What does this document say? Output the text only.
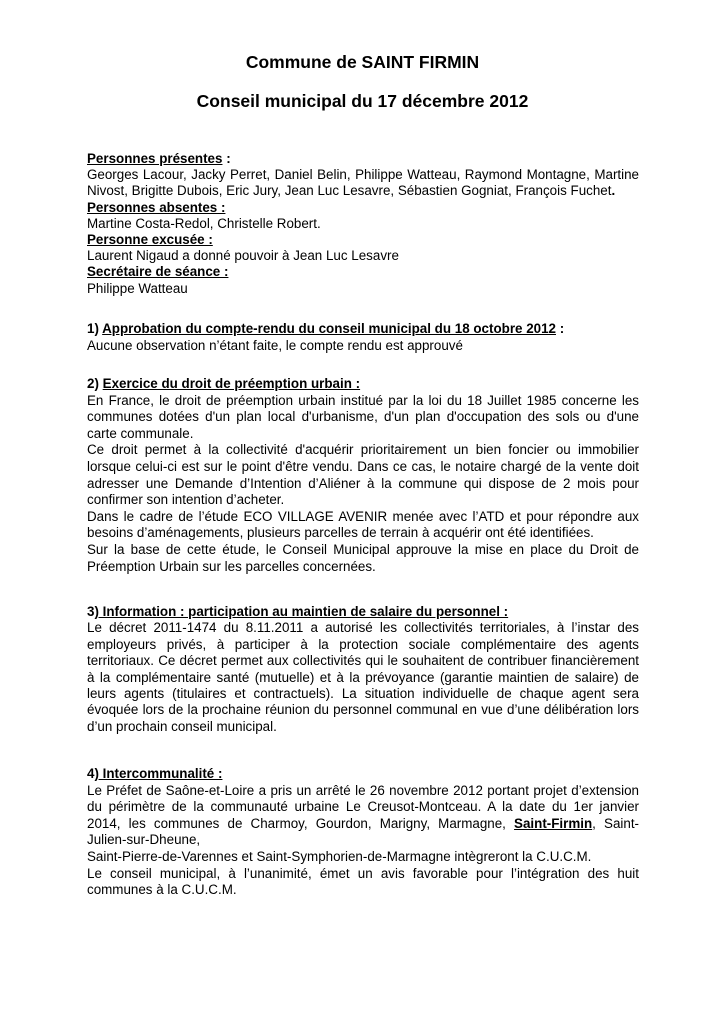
Commune de SAINT FIRMIN
Conseil municipal du 17 décembre 2012
Personnes présentes :
Georges Lacour, Jacky Perret, Daniel Belin, Philippe Watteau, Raymond Montagne, Martine
Nivost, Brigitte Dubois, Eric Jury, Jean Luc Lesavre, Sébastien Gogniat, François Fuchet.
Personnes absentes :
Martine Costa-Redol, Christelle Robert.
Personne excusée :
Laurent Nigaud a donné pouvoir à Jean Luc Lesavre
Secrétaire de séance :
Philippe Watteau
1) Approbation du compte-rendu du conseil municipal du 18 octobre 2012 :
Aucune observation n’étant faite, le compte rendu est approuvé
2) Exercice du droit de préemption urbain :
En France, le droit de préemption urbain institué par la loi du 18 Juillet 1985 concerne les
communes dotées d'un plan local d'urbanisme, d'un plan d'occupation des sols ou d'une
carte communale.
Ce droit permet à la collectivité d'acquérir prioritairement un bien foncier ou immobilier
lorsque celui-ci est sur le point d'être vendu. Dans ce cas, le notaire chargé de la vente doit
adresser une Demande d’Intention d’Aliéner à la commune qui dispose de 2 mois pour
confirmer son intention d’acheter.
Dans le cadre de l’étude ECO VILLAGE AVENIR menée avec l’ATD et pour répondre aux
besoins d’aménagements, plusieurs parcelles de terrain à acquérir ont été identifiées.
Sur la base de cette étude, le Conseil Municipal approuve la mise en place du Droit de
Préemption Urbain sur les parcelles concernées.
3) Information : participation au maintien de salaire du personnel :
Le décret 2011-1474 du 8.11.2011 a autorisé les collectivités territoriales, à l’instar des
employeurs privés, à participer à la protection sociale complémentaire des agents
territoriaux. Ce décret permet aux collectivités qui le souhaitent de contribuer financièrement
à la complémentaire santé (mutuelle) et à la prévoyance (garantie maintien de salaire) de
leurs agents (titulaires et contractuels). La situation individuelle de chaque agent sera
évoquée lors de la prochaine réunion du personnel communal en vue d’une délibération lors
d’un prochain conseil municipal.
4) Intercommunalité :
Le Préfet de Saône-et-Loire a pris un arrêté le 26 novembre 2012 portant projet d’extension
du périmètre de la communauté urbaine Le Creusot-Montceau. A la date du 1er janvier
2014, les communes de Charmoy, Gourdon, Marigny, Marmagne, Saint-Firmin, Saint-
Julien-sur-Dheune,
Saint-Pierre-de-Varennes et Saint-Symphorien-de-Marmagne intègreront la C.U.C.M.
Le conseil municipal, à l’unanimité, émet un avis favorable pour l’intégration des huit
communes à la C.U.C.M.
